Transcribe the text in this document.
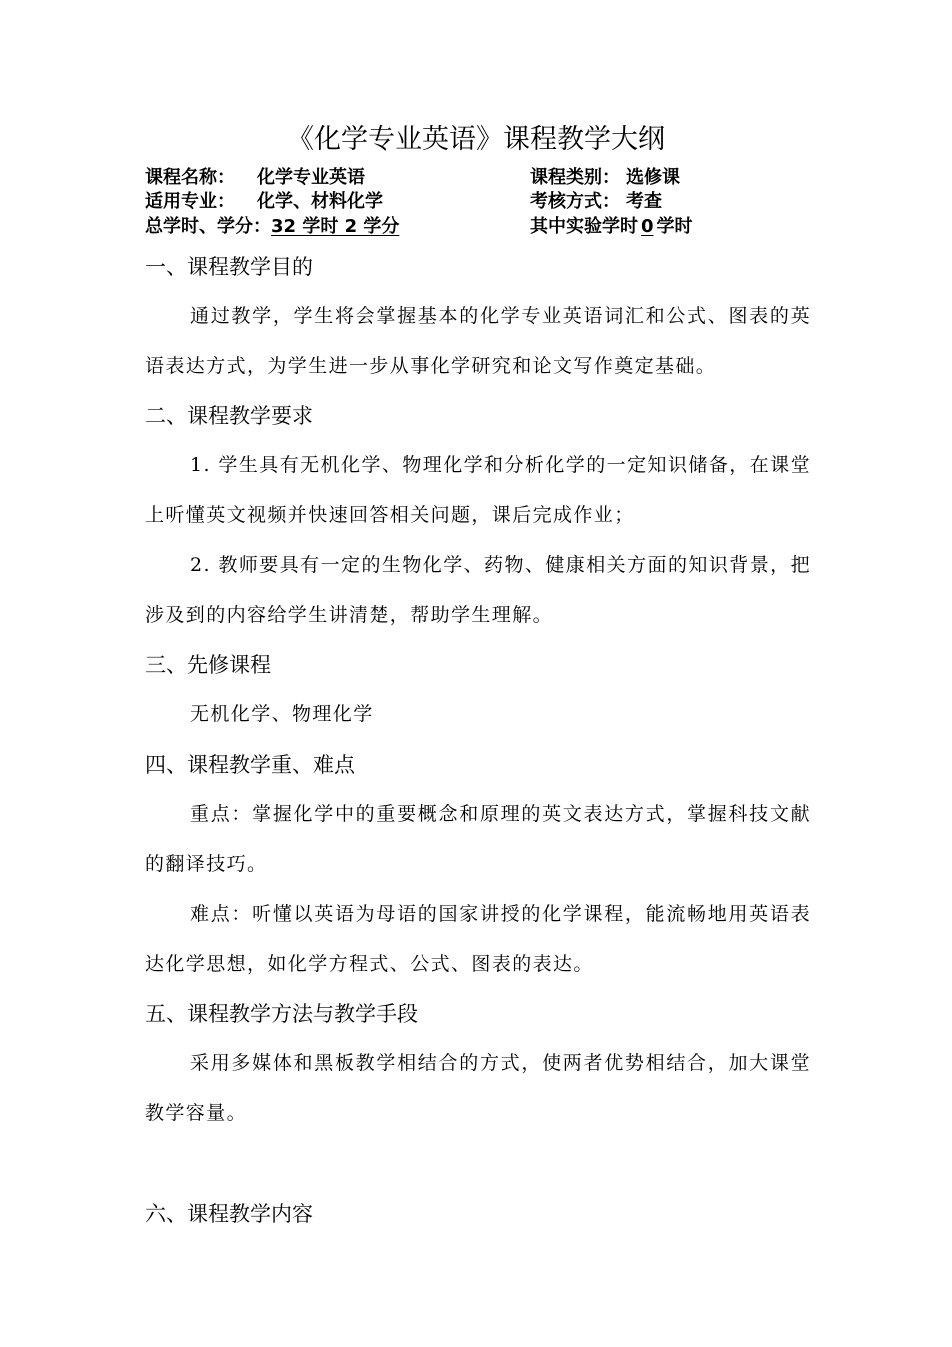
《化学专业英语》课程教学大纲
课程名称： 化学专业英语	课程类别： 选修课
适用专业： 化学、材料化学	考核方式： 考查
总学时、学分：32 学时 2 学分	其中实验学时 0 学时
一、课程教学目的
通过教学，学生将会掌握基本的化学专业英语词汇和公式、图表的英语表达方式，为学生进一步从事化学研究和论文写作奠定基础。
二、课程教学要求
1. 学生具有无机化学、物理化学和分析化学的一定知识储备，在课堂上听懂英文视频并快速回答相关问题，课后完成作业；
2. 教师要具有一定的生物化学、药物、健康相关方面的知识背景，把涉及到的内容给学生讲清楚，帮助学生理解。
三、先修课程
无机化学、物理化学
四、课程教学重、难点
重点：掌握化学中的重要概念和原理的英文表达方式，掌握科技文献的翻译技巧。
难点：听懂以英语为母语的国家讲授的化学课程，能流畅地用英语表达化学思想，如化学方程式、公式、图表的表达。
五、课程教学方法与教学手段
采用多媒体和黑板教学相结合的方式，使两者优势相结合，加大课堂教学容量。
六、课程教学内容
